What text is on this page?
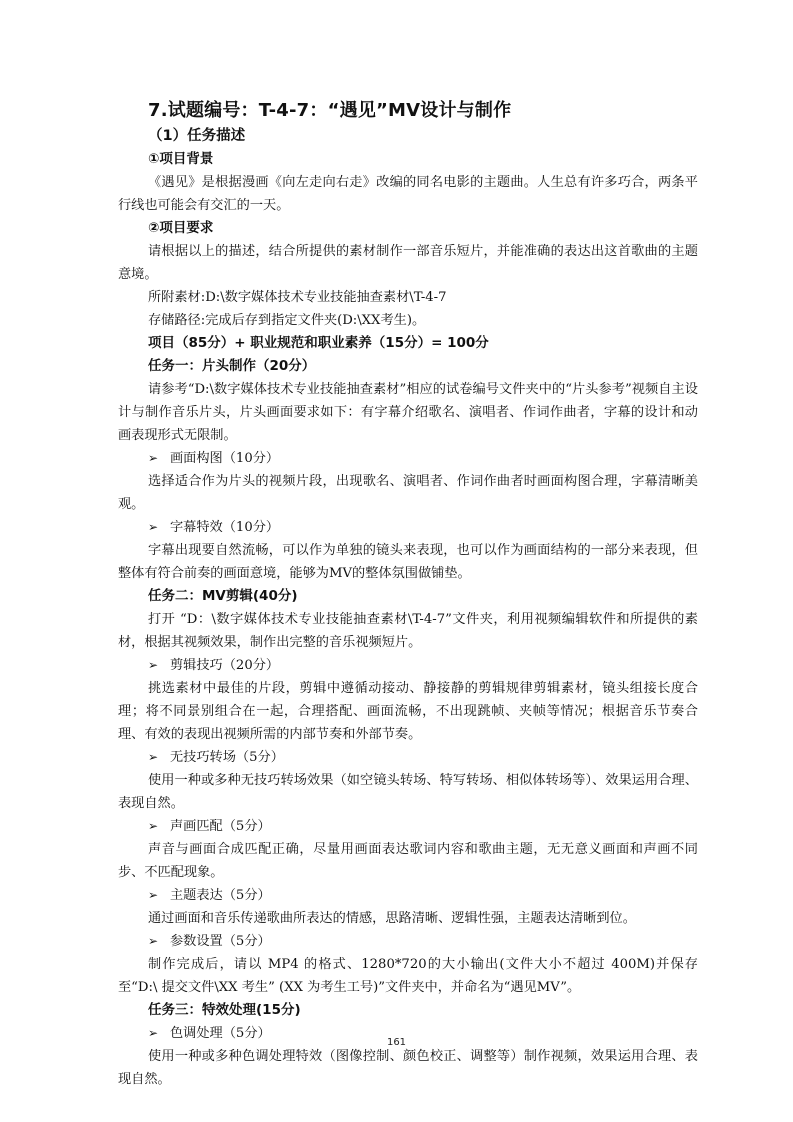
7.试题编号：T-4-7：“遇见”MV设计与制作
（1）任务描述
①项目背景

《遇见》是根据漫画《向左走向右走》改编的同名电影的主题曲。人生总有许多巧合，两条平行线也可能会有交汇的一天。

②项目要求

请根据以上的描述，结合所提供的素材制作一部音乐短片，并能准确的表达出这首歌曲的主题意境。

所附素材:D:\数字媒体技术专业技能抽查素材\T-4-7

存储路径:完成后存到指定文件夹(D:\XX考生)。

项目（85分）+ 职业规范和职业素养（15分）= 100分
任务一：片头制作（20分）

请参考“D:\数字媒体技术专业技能抽查素材”相应的试卷编号文件夹中的“片头参考”视频自主设计与制作音乐片头，片头画面要求如下：有字幕介绍歌名、演唱者、作词作曲者，字幕的设计和动画表现形式无限制。

➢ 画面构图（10分）

选择适合作为片头的视频片段，出现歌名、演唱者、作词作曲者时画面构图合理，字幕清晰美观。

➢ 字幕特效（10分）

字幕出现要自然流畅，可以作为单独的镜头来表现，也可以作为画面结构的一部分来表现，但整体有符合前奏的画面意境，能够为MV的整体氛围做铺垫。

任务二：MV剪辑(40分)

打开 “D：\数字媒体技术专业技能抽查素材\T-4-7”文件夹，利用视频编辑软件和所提供的素材，根据其视频效果，制作出完整的音乐视频短片。

➢ 剪辑技巧（20分）

挑选素材中最佳的片段，剪辑中遵循动接动、静接静的剪辑规律剪辑素材，镜头组接长度合理；将不同景别组合在一起，合理搭配、画面流畅，不出现跳帧、夹帧等情况；根据音乐节奏合理、有效的表现出视频所需的内部节奏和外部节奏。

➢ 无技巧转场（5分）

使用一种或多种无技巧转场效果（如空镜头转场、特写转场、相似体转场等）、效果运用合理、表现自然。

➢ 声画匹配（5分）

声音与画面合成匹配正确，尽量用画面表达歌词内容和歌曲主题，无无意义画面和声画不同步、不匹配现象。

➢ 主题表达（5分）

通过画面和音乐传递歌曲所表达的情感，思路清晰、逻辑性强，主题表达清晰到位。

➢ 参数设置（5分）

制作完成后，请以 MP4 的格式、1280*720的大小输出(文件大小不超过 400M)并保存至“D:\ 提交文件\XX 考生” (XX 为考生工号)”文件夹中，并命名为“遇见MV”。

任务三：特效处理(15分)
➢ 色调处理（5分）

使用一种或多种色调处理特效（图像控制、颜色校正、调整等）制作视频，效果运用合理、表现自然。

161
